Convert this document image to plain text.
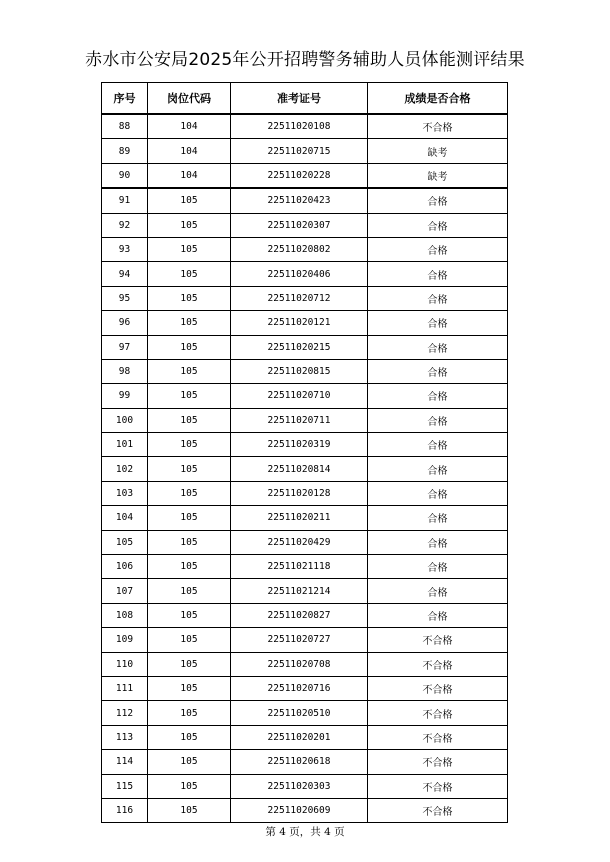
赤水市公安局2025年公开招聘警务辅助人员体能测评结果
序号	岗位代码	准考证号	成绩是否合格
88	104	22511020108	不合格
89	104	22511020715	缺考
90	104	22511020228	缺考
91	105	22511020423	合格
92	105	22511020307	合格
93	105	22511020802	合格
94	105	22511020406	合格
95	105	22511020712	合格
96	105	22511020121	合格
97	105	22511020215	合格
98	105	22511020815	合格
99	105	22511020710	合格
100	105	22511020711	合格
101	105	22511020319	合格
102	105	22511020814	合格
103	105	22511020128	合格
104	105	22511020211	合格
105	105	22511020429	合格
106	105	22511021118	合格
107	105	22511021214	合格
108	105	22511020827	合格
109	105	22511020727	不合格
110	105	22511020708	不合格
111	105	22511020716	不合格
112	105	22511020510	不合格
113	105	22511020201	不合格
114	105	22511020618	不合格
115	105	22511020303	不合格
116	105	22511020609	不合格
第 4 页，共 4 页
